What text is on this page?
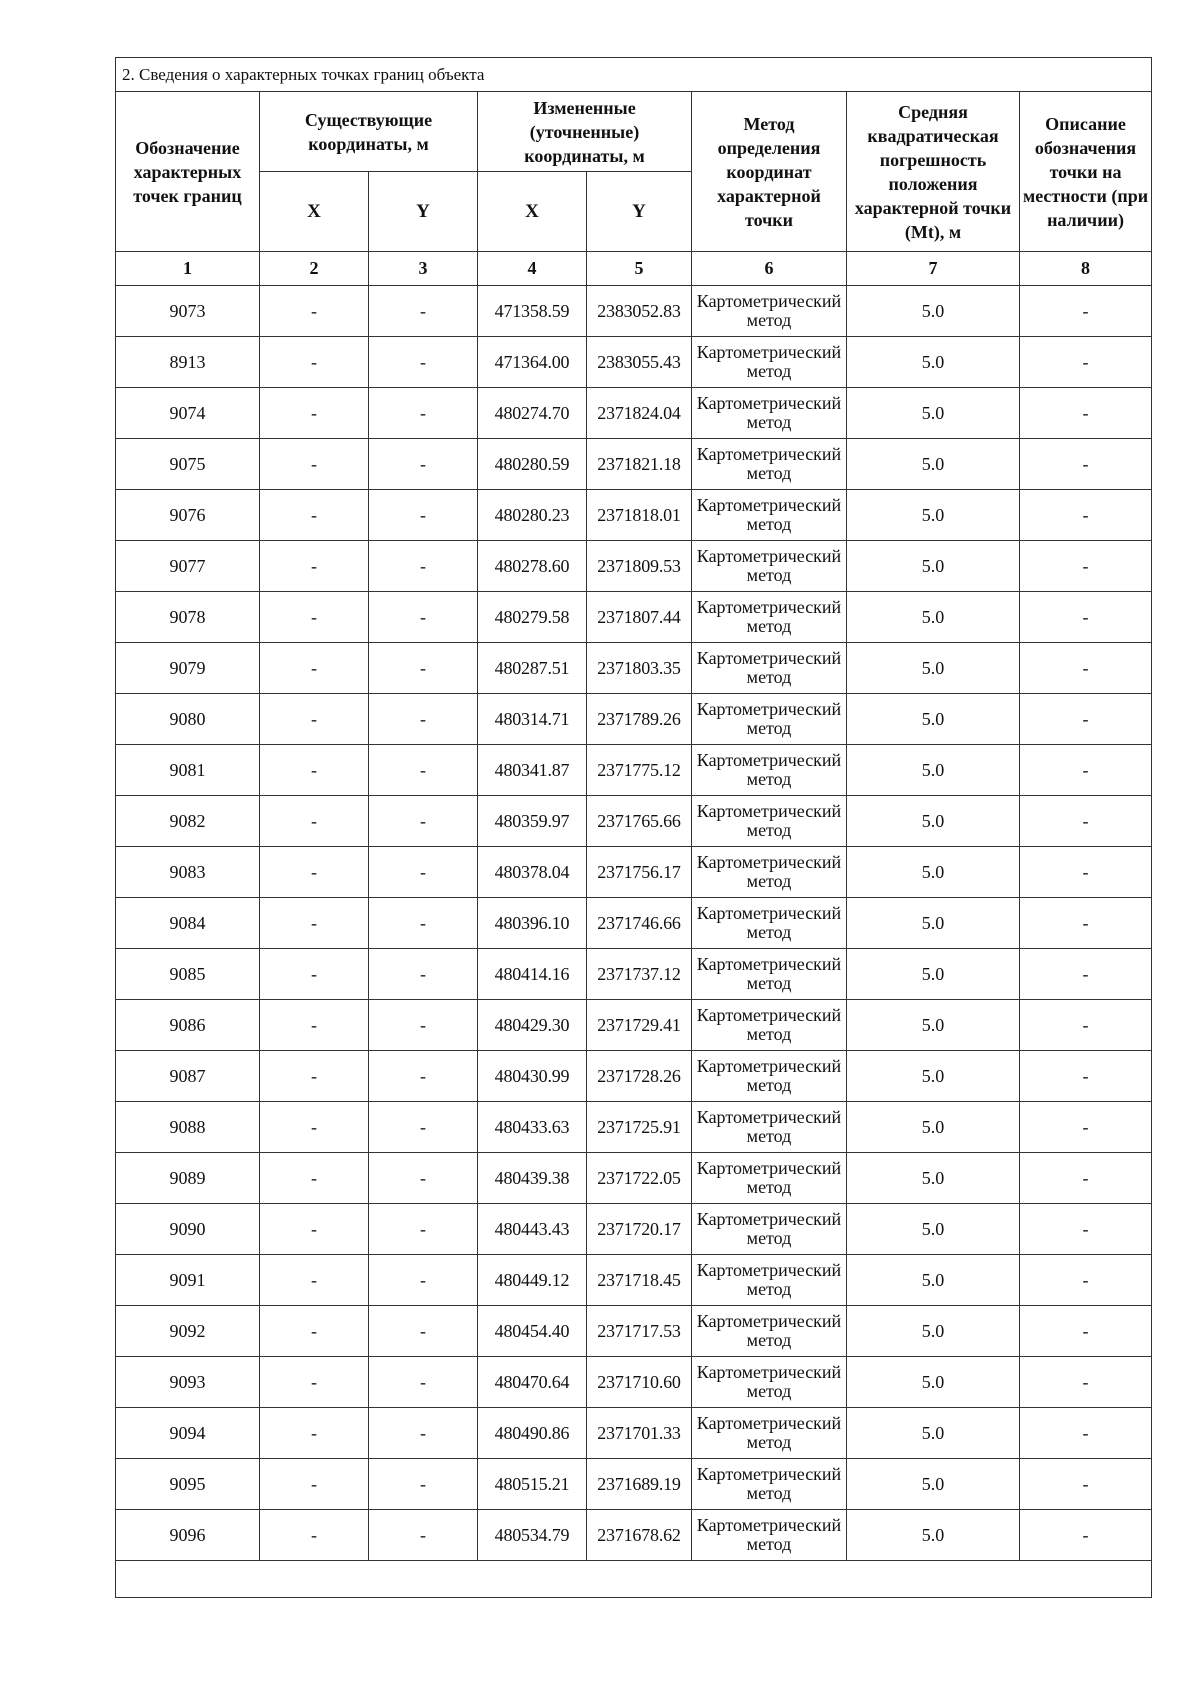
2. Сведения о характерных точках границ объекта							
Обозначение характерных точек границ	Существующие координаты, м		Измененные (уточненные) координаты, м		Метод определения координат характерной точки	Средняя квадратическая погрешность положения характерной точки (Mt), м	Описание обозначения точки на местности (при наличии)
	X	Y	X	Y			
1	2	3	4	5	6	7	8
9073	-	-	471358.59	2383052.83	Картометрический метод	5.0	-
8913	-	-	471364.00	2383055.43	Картометрический метод	5.0	-
9074	-	-	480274.70	2371824.04	Картометрический метод	5.0	-
9075	-	-	480280.59	2371821.18	Картометрический метод	5.0	-
9076	-	-	480280.23	2371818.01	Картометрический метод	5.0	-
9077	-	-	480278.60	2371809.53	Картометрический метод	5.0	-
9078	-	-	480279.58	2371807.44	Картометрический метод	5.0	-
9079	-	-	480287.51	2371803.35	Картометрический метод	5.0	-
9080	-	-	480314.71	2371789.26	Картометрический метод	5.0	-
9081	-	-	480341.87	2371775.12	Картометрический метод	5.0	-
9082	-	-	480359.97	2371765.66	Картометрический метод	5.0	-
9083	-	-	480378.04	2371756.17	Картометрический метод	5.0	-
9084	-	-	480396.10	2371746.66	Картометрический метод	5.0	-
9085	-	-	480414.16	2371737.12	Картометрический метод	5.0	-
9086	-	-	480429.30	2371729.41	Картометрический метод	5.0	-
9087	-	-	480430.99	2371728.26	Картометрический метод	5.0	-
9088	-	-	480433.63	2371725.91	Картометрический метод	5.0	-
9089	-	-	480439.38	2371722.05	Картометрический метод	5.0	-
9090	-	-	480443.43	2371720.17	Картометрический метод	5.0	-
9091	-	-	480449.12	2371718.45	Картометрический метод	5.0	-
9092	-	-	480454.40	2371717.53	Картометрический метод	5.0	-
9093	-	-	480470.64	2371710.60	Картометрический метод	5.0	-
9094	-	-	480490.86	2371701.33	Картометрический метод	5.0	-
9095	-	-	480515.21	2371689.19	Картометрический метод	5.0	-
9096	-	-	480534.79	2371678.62	Картометрический метод	5.0	-
